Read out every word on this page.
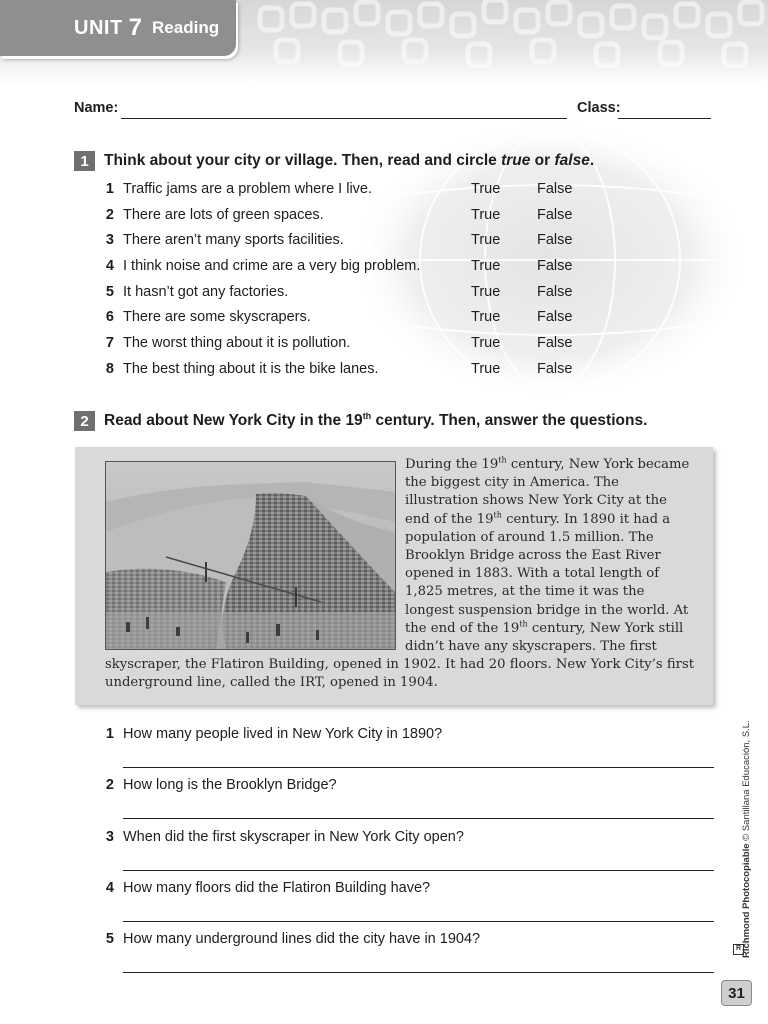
UNIT 7 Reading
Name:	Class:
1 Think about your city or village. Then, read and circle true or false.
1 Traffic jams are a problem where I live.	True	False
2 There are lots of green spaces.	True	False
3 There aren’t many sports facilities.	True	False
4 I think noise and crime are a very big problem.	True	False
5 It hasn’t got any factories.	True	False
6 There are some skyscrapers.	True	False
7 The worst thing about it is pollution.	True	False
8 The best thing about it is the bike lanes.	True	False
2 Read about New York City in the 19th century. Then, answer the questions.

During the 19th century, New York became the biggest city in America. The illustration shows New York City at the end of the 19th century. In 1890 it had a population of around 1.5 million. The Brooklyn Bridge across the East River opened in 1883. With a total length of 1,825 metres, at the time it was the longest suspension bridge in the world. At the end of the 19th century, New York still didn’t have any skyscrapers. The first skyscraper, the Flatiron Building, opened in 1902. It had 20 floors. New York City’s first underground line, called the IRT, opened in 1904.

1 How many people lived in New York City in 1890?
2 How long is the Brooklyn Bridge?
3 When did the first skyscraper in New York City open?
4 How many floors did the Flatiron Building have?
5 How many underground lines did the city have in 1904?
R Richmond Photocopiable © Santillana Educación, S.L.
31
